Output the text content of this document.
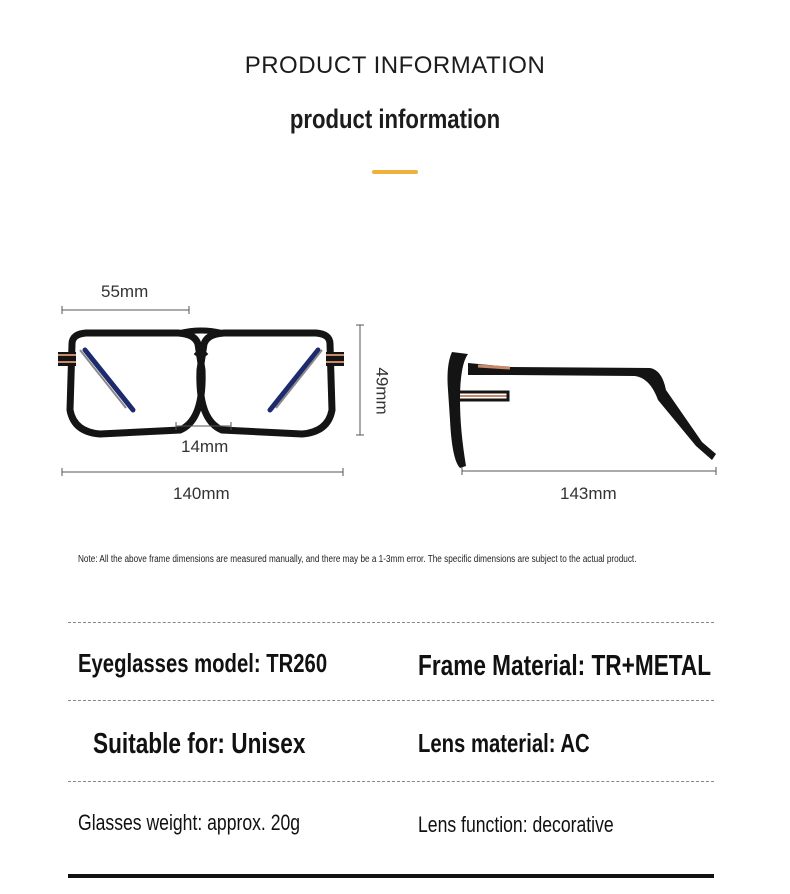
PRODUCT INFORMATION
product information
55mm
14mm
140mm
49mm
143mm
Note: All the above frame dimensions are measured manually, and there may be a 1-3mm error. The specific dimensions are subject to the actual product.
Eyeglasses model: TR260	Frame Material: TR+METAL
Suitable for: Unisex	Lens material: AC
Glasses weight: approx. 20g	Lens function: decorative
